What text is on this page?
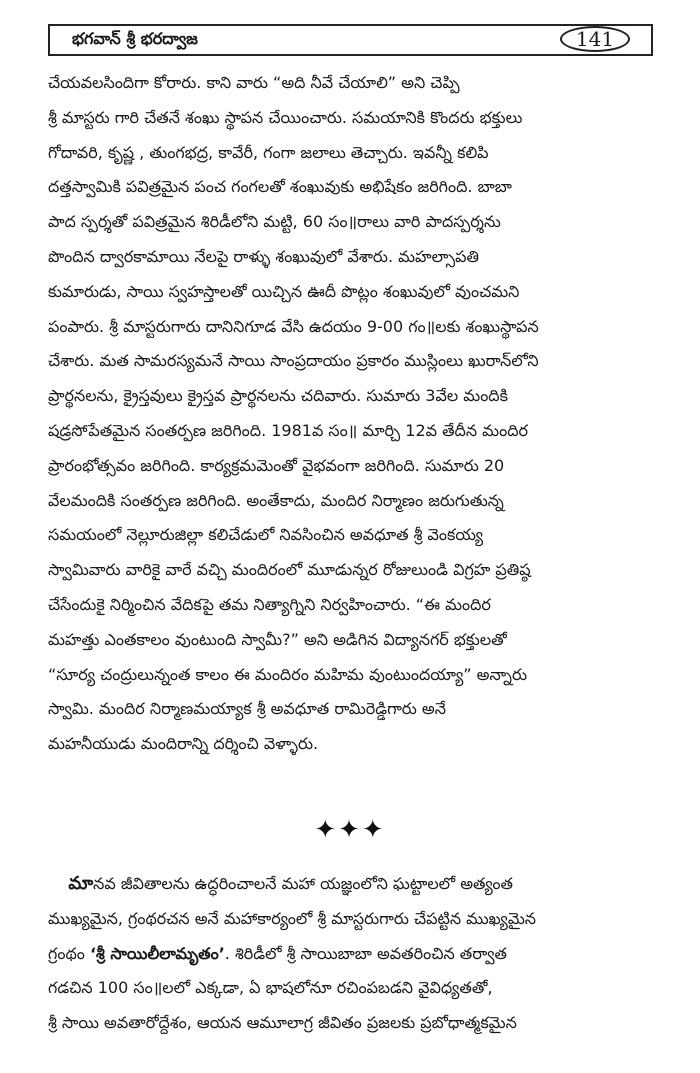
భగవాన్ శ్రీ భరద్వాజ	141
చేయవలసిందిగా కోరారు. కాని వారు “అది నీవే చేయాలి” అని చెప్పి
శ్రీ మాస్టరు గారి చేతనే శంఖు స్థాపన చేయించారు. సమయానికి కొందరు భక్తులు
గోదావరి, కృష్ణ , తుంగభద్ర, కావేరీ, గంగా జలాలు తెచ్చారు. ఇవన్నీ కలిపి
దత్తస్వామికి పవిత్రమైన పంచ గంగలతో శంఖువుకు అభిషేకం జరిగింది. బాబా
పాద స్పర్శతో పవిత్రమైన శిరిడీలోని మట్టి, 60 సం॥రాలు వారి పాదస్పర్శను
పొందిన ద్వారకామాయి నేలపై రాళ్ళు శంఖువులో వేశారు. మహల్సాపతి
కుమారుడు, సాయి స్వహస్తాలతో యిచ్చిన ఊదీ పొట్లం శంఖువులో వుంచమని
పంపారు. శ్రీ మాస్టరుగారు దానినిగూడ వేసి ఉదయం 9-00 గం॥లకు శంఖుస్థాపన
చేశారు. మత సామరస్యమనే సాయి సాంప్రదాయం ప్రకారం ముస్లింలు ఖురాన్‌లోని
ప్రార్థనలను, క్రైస్తవులు క్రైస్తవ ప్రార్థనలను చదివారు. సుమారు 3వేల మందికి
షడ్రసోపేతమైన సంతర్పణ జరిగింది. 1981వ సం॥ మార్చి 12వ తేదీన మందిర
ప్రారంభోత్సవం జరిగింది. కార్యక్రమమెంతో వైభవంగా జరిగింది. సుమారు 20
వేలమందికి సంతర్పణ జరిగింది. అంతేకాదు, మందిర నిర్మాణం జరుగుతున్న
సమయంలో నెల్లూరుజిల్లా కలిచేడులో నివసించిన అవధూత శ్రీ వెంకయ్య
స్వామివారు వారికై వారే వచ్చి మందిరంలో మూడున్నర రోజులుండి విగ్రహ ప్రతిష్ఠ
చేసేందుకై నిర్మించిన వేదికపై తమ నిత్యాగ్నిని నిర్వహించారు. “ఈ మందిర
మహత్తు ఎంతకాలం వుంటుంది స్వామీ?” అని అడిగిన విద్యానగర్ భక్తులతో
“సూర్య చంద్రులున్నంత కాలం ఈ మందిరం మహిమ వుంటుందయ్యా” అన్నారు
స్వామి. మందిర నిర్మాణమయ్యాక శ్రీ అవధూత రామిరెడ్డిగారు అనే
మహనీయుడు మందిరాన్ని దర్శించి వెళ్ళారు.
✦✦✦
మానవ జీవితాలను ఉద్ధరించాలనే మహా యజ్ఞంలోని ఘట్టాలలో అత్యంత
ముఖ్యమైన, గ్రంథరచన అనే మహాకార్యంలో శ్రీ మాస్టరుగారు చేపట్టిన ముఖ్యమైన
గ్రంథం ‘శ్రీ సాయిలీలామృతం’. శిరిడీలో శ్రీ సాయిబాబా అవతరించిన తర్వాత
గడచిన 100 సం॥లలో ఎక్కడా, ఏ భాషలోనూ రచింపబడని వైవిధ్యతతో,
శ్రీ సాయి అవతారోద్దేశం, ఆయన ఆమూలాగ్ర జీవితం ప్రజలకు ప్రబోధాత్మకమైన
